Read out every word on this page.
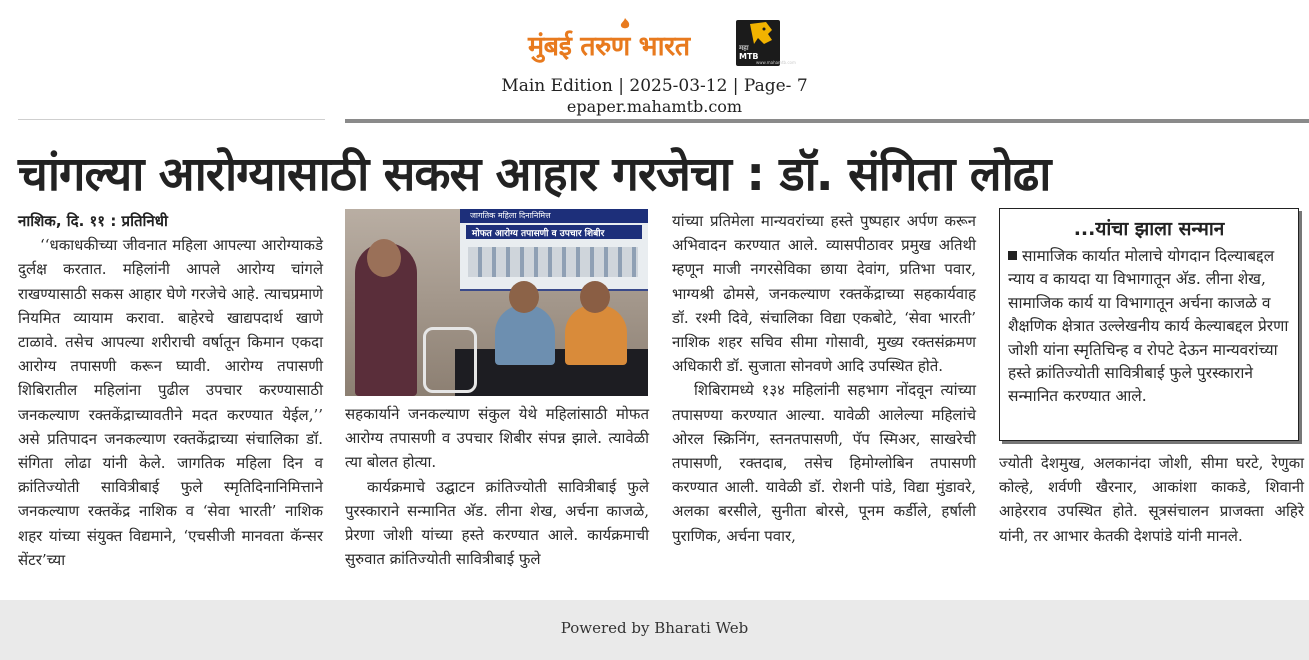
मुंबई तरुण भारत	महा
MTB
www.mahamtb.com
Main Edition | 2025-03-12 | Page- 7
epaper.mahamtb.com
चांगल्या आरोग्यासाठी सकस आहार गरजेचा : डॉ. संगिता लोढा

नाशिक, दि. ११ : प्रतिनिधी

‘‘धकाधकीच्या जीवनात महिला आपल्या आरोग्याकडे दुर्लक्ष करतात. महिलांनी आपले आरोग्य चांगले राखण्यासाठी सकस आहार घेणे गरजेचे आहे. त्याचप्रमाणे नियमित व्यायाम करावा. बाहेरचे खाद्यपदार्थ खाणे टाळावे. तसेच आपल्या शरीराची वर्षातून किमान एकदा आरोग्य तपासणी करून घ्यावी. आरोग्य तपासणी शिबिरातील महिलांना पुढील उपचार करण्यासाठी जनकल्याण रक्तकेंद्राच्यावतीने मदत करण्यात येईल,’’ असे प्रतिपादन जनकल्याण रक्तकेंद्राच्या संचालिका डॉ. संगिता लोढा यांनी केले. जागतिक महिला दिन व क्रांतिज्योती सावित्रीबाई फुले स्मृतिदिनानिमित्ताने जनकल्याण रक्तकेंद्र नाशिक व ‘सेवा भारती’ नाशिक शहर यांच्या संयुक्त विद्यमाने, ‘एचसीजी मानवता कॅन्सर सेंटर’च्या

जागतिक महिला दिनानिमित्त
मोफत आरोग्य तपासणी व उपचार शिबीर

सहकार्याने जनकल्याण संकुल येथे महिलांसाठी मोफत आरोग्य तपासणी व उपचार शिबीर संपन्न झाले. त्यावेळी त्या बोलत होत्या.

कार्यक्रमाचे उद्घाटन क्रांतिज्योती सावित्रीबाई फुले पुरस्काराने सन्मानित अ‍ॅड. लीना शेख, अर्चना काजळे, प्रेरणा जोशी यांच्या हस्ते करण्यात आले. कार्यक्रमाची सुरुवात क्रांतिज्योती सावित्रीबाई फुले

यांच्या प्रतिमेला मान्यवरांच्या हस्ते पुष्पहार अर्पण करून अभिवादन करण्यात आले. व्यासपीठावर प्रमुख अतिथी म्हणून माजी नगरसेविका छाया देवांग, प्रतिभा पवार, भाग्यश्री ढोमसे, जनकल्याण रक्तकेंद्राच्या सहकार्यवाह डॉ. रश्मी दिवे, संचालिका विद्या एकबोटे, ‘सेवा भारती’ नाशिक शहर सचिव सीमा गोसावी, मुख्य रक्तसंक्रमण अधिकारी डॉ. सुजाता सोनवणे आदि उपस्थित होते.

शिबिरामध्ये १३४ महिलांनी सहभाग नोंदवून त्यांच्या तपासण्या करण्यात आल्या. यावेळी आलेल्या महिलांचे ओरल स्क्रिनिंग, स्तनतपासणी, पॅप स्मिअर, साखरेची तपासणी, रक्तदाब, तसेच हिमोग्लोबिन तपासणी करण्यात आली. यावेळी डॉ. रोशनी पांडे, विद्या मुंडावरे, अलका बरसीले, सुनीता बोरसे, पूनम कर्डीले, हर्षाली पुराणिक, अर्चना पवार,

...यांचा झाला सन्मान
सामाजिक कार्यात मोलाचे योगदान दिल्याबद्दल न्याय व कायदा या विभागातून अ‍ॅड. लीना शेख, सामाजिक कार्य या विभागातून अर्चना काजळे व शैक्षणिक क्षेत्रात उल्लेखनीय कार्य केल्याबद्दल प्रेरणा जोशी यांना स्मृतिचिन्ह व रोपटे देऊन मान्यवरांच्या हस्ते क्रांतिज्योती सावित्रीबाई फुले पुरस्काराने सन्मानित करण्यात आले.

ज्योती देशमुख, अलकानंदा जोशी, सीमा घरटे, रेणुका कोल्हे, शर्वणी खैरनार, आकांशा काकडे, शिवानी आहेरराव उपस्थित होते. सूत्रसंचालन प्राजक्ता अहिरे यांनी, तर आभार केतकी देशपांडे यांनी मानले.

Powered by Bharati Web
